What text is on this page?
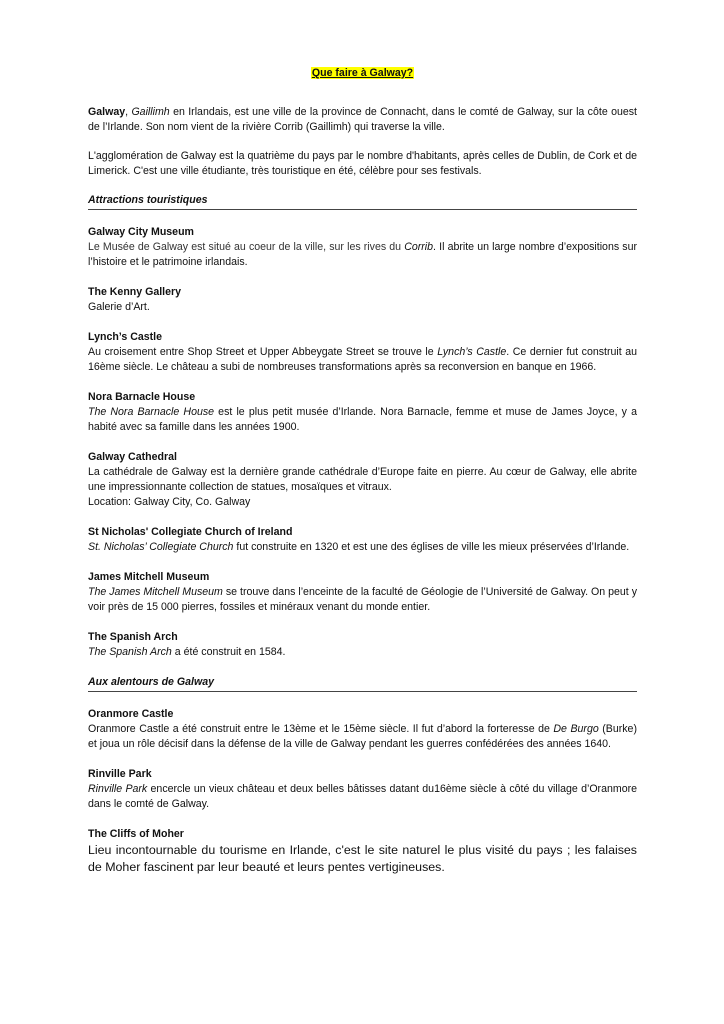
Que faire à Galway?

Galway, Gaillimh en Irlandais, est une ville de la province de Connacht, dans le comté de Galway, sur la côte ouest de l’Irlande. Son nom vient de la rivière Corrib (Gaillimh) qui traverse la ville.

L'agglomération de Galway est la quatrième du pays par le nombre d'habitants, après celles de Dublin, de Cork et de Limerick. C'est une ville étudiante, très touristique en été, célèbre pour ses festivals.

Attractions touristiques
Galway City Museum

Le Musée de Galway est situé au coeur de la ville, sur les rives du Corrib. Il abrite un large nombre d’expositions sur l’histoire et le patrimoine irlandais.

The Kenny Gallery

Galerie d’Art.

Lynch’s Castle

Au croisement entre Shop Street et Upper Abbeygate Street se trouve le Lynch’s Castle. Ce dernier fut construit au 16ème siècle. Le château a subi de nombreuses transformations après sa reconversion en banque en 1966.

Nora Barnacle House

The Nora Barnacle House est le plus petit musée d’Irlande. Nora Barnacle, femme et muse de James Joyce, y a habité avec sa famille dans les années 1900.

Galway Cathedral

La cathédrale de Galway est la dernière grande cathédrale d’Europe faite en pierre. Au cœur de Galway, elle abrite une impressionnante collection de statues, mosaïques et vitraux.

Location: Galway City, Co. Galway

St Nicholas' Collegiate Church of Ireland

St. Nicholas’ Collegiate Church fut construite en 1320 et est une des églises de ville les mieux préservées d’Irlande.

James Mitchell Museum

The James Mitchell Museum se trouve dans l’enceinte de la faculté de Géologie de l’Université de Galway. On peut y voir près de 15 000 pierres, fossiles et minéraux venant du monde entier.

The Spanish Arch

The Spanish Arch a été construit en 1584.

Aux alentours de Galway
Oranmore Castle

Oranmore Castle a été construit entre le 13ème et le 15ème siècle. Il fut d’abord la forteresse de De Burgo (Burke) et joua un rôle décisif dans la défense de la ville de Galway pendant les guerres confédérées des années 1640.

Rinville Park

Rinville Park encercle un vieux château et deux belles bâtisses datant du16ème siècle à côté du village d’Oranmore dans le comté de Galway.

The Cliffs of Moher

Lieu incontournable du tourisme en Irlande, c'est le site naturel le plus visité du pays ; les falaises de Moher fascinent par leur beauté et leurs pentes vertigineuses.
